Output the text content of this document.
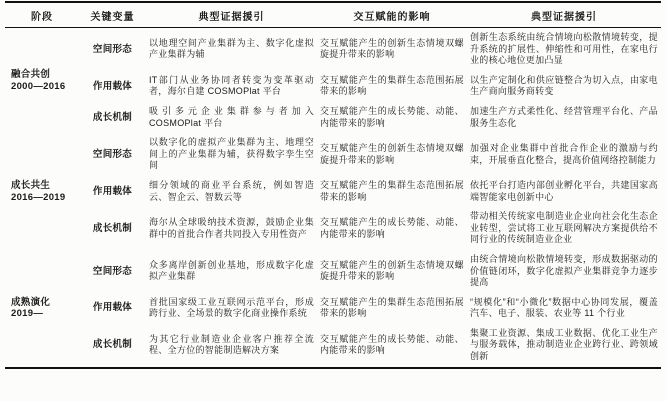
阶段	关键变量	典型证据援引	交互赋能的影响	典型证据援引

融合共创
2000—2016	空间形态	以地理空间产业集群为主、数字化虚拟产业集群为辅	交互赋能产生的创新生态情境双螺旋提升带来的影响	创新生态系统由统合情境向松散情境转变，提升系统的扩展性、伸缩性和可用性，在家电行业的核心地位更加凸显
	作用载体	IT部门从业务协同者转变为变革驱动者，海尔自建 COSMOPlat 平台	交互赋能产生的集群生态范围拓展带来的影响	以生产定制化和供应链整合为切入点，由家电生产商向服务商转变
	成长机制	吸引多元企业集群参与者加入 COSMOPlat 平台	交互赋能产生的成长势能、动能、内能带来的影响	加速生产方式柔性化、经营管理平台化、产品服务生态化

成长共生
2016—2019	空间形态	以数字化的虚拟产业集群为主、地理空间上的产业集群为辅，获得数字孪生空间	交互赋能产生的创新生态情境双螺旋提升带来的影响	加强对企业集群中首批合作企业的激励与约束，开展垂直化整合，提高价值网络控制能力
	作用载体	细分领域的商业平台系统，例如智造云、智企云、智数云等	交互赋能产生的集群生态范围拓展带来的影响	依托平台打造内部创业孵化平台，共建国家高端智能家电创新中心
	成长机制	海尔从全球吸纳技术资源，鼓励企业集群中的首批合作者共同投入专用性资产	交互赋能产生的成长势能、动能、内能带来的影响	带动相关传统家电制造业企业向社会化生态企业转型，尝试将工业互联网解决方案提供给不同行业的传统制造业企业

成熟演化
2019—	空间形态	众多离岸创新创业基地，形成数字化虚拟产业集群	交互赋能产生的创新生态情境双螺旋提升带来的影响	由统合情境向松散情境转变，形成数据驱动的价值链闭环，数字化虚拟产业集群竞争力逐步提高
	作用载体	首批国家级工业互联网示范平台，形成跨行业、全场景的数字化商业操作系统	交互赋能产生的集群生态范围拓展带来的影响	“规模化”和“小微化”数据中心协同发展，覆盖汽车、电子、服装、农业等 11 个行业
	成长机制	为其它行业制造业企业客户推荐全流程、全方位的智能制造解决方案	交互赋能产生的成长势能、动能、内能带来的影响	集聚工业资源、集成工业数据、优化工业生产与服务载体，推动制造业企业跨行业、跨领域创新
